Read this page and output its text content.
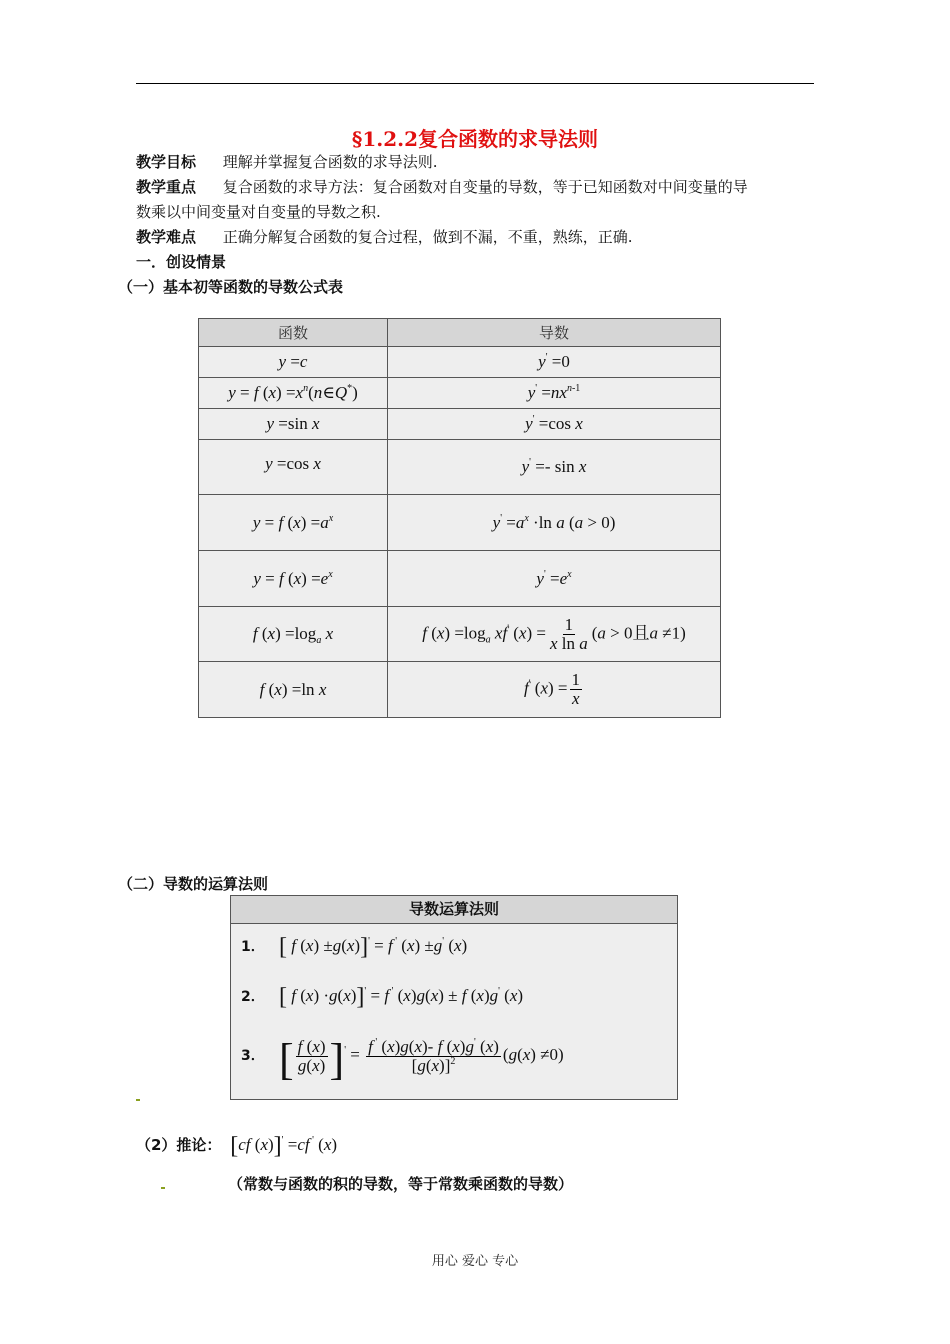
§1.2.2复合函数的求导法则
教学目标 理解并掌握复合函数的求导法则.
教学重点 复合函数的求导方法：复合函数对自变量的导数，等于已知函数对中间变量的导
数乘以中间变量对自变量的导数之积.
教学难点 正确分解复合函数的复合过程，做到不漏，不重，熟练，正确.
一．创设情景
（一）基本初等函数的导数公式表
函数	导数
y =c	y' =0
y = f $(x) =x^n(n\in Q^*)$	$y' =nx^{n-1}$
y =sin x	y' =cos x
y =cos x	y' =- sin x
y = f $(x) =a^x$	$y' =a^x \cdot\ln$ a (a > 0)
y = f $(x) =e^x$	$y' =e^x$
f $(x) =\log_a$ x	f $(x) =\log_a$ xf' $(x) = \frac{1}{\text{x ln a}} (a > 0$且a ≠1)
f (x) =ln x	f' $(x) = \frac{1}{x}$
（二）导数的运算法则
导数运算法则
1． [ f (x) ±g(x)]' = f ' (x) ±g' (x)
2． [ f (x) ·g(x)]' = f ' (x)g(x) ± f (x)g' (x)
3． [ $\frac{f (x)}{g(x)} ]' = \frac{f ' (x)g(x)- f (x)g' (x)}{[g(x)]^2} (g(x) \ne 0)$
（2）推论： [cf (x)]' =cf ' (x)
（常数与函数的积的导数，等于常数乘函数的导数）
用心 爱心 专心
